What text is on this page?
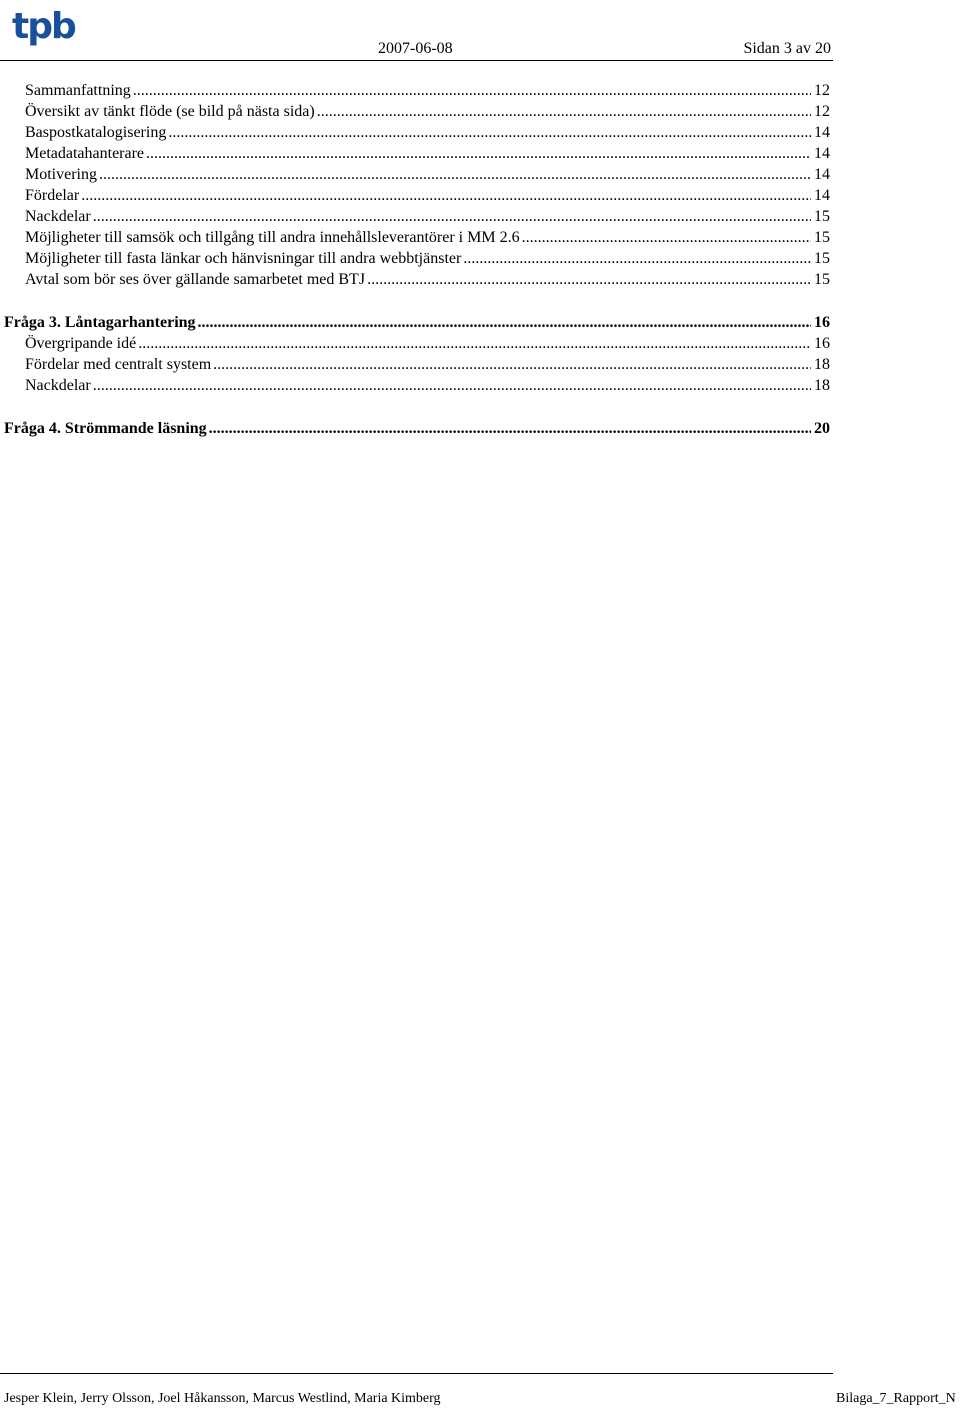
tpb
2007-06-08	Sidan 3 av 20
Sammanfattning .....	12
Översikt av tänkt flöde (se bild på nästa sida) .....	12
Baspostkatalogisering .....	14
Metadatahanterare .....	14
Motivering .....	14
Fördelar .....	14
Nackdelar .....	15
Möjligheter till samsök och tillgång till andra innehållsleverantörer i MM 2.6 .....	15
Möjligheter till fasta länkar och hänvisningar till andra webbtjänster .....	15
Avtal som bör ses över gällande samarbetet med BTJ .....	15
Fråga 3. Låntagarhantering .....	16
Övergripande idé .....	16
Fördelar med centralt system .....	18
Nackdelar .....	18
Fråga 4. Strömmande läsning .....	20
Jesper Klein, Jerry Olsson, Joel Håkansson, Marcus Westlind, Maria Kimberg	Bilaga_7_Rapport_N
